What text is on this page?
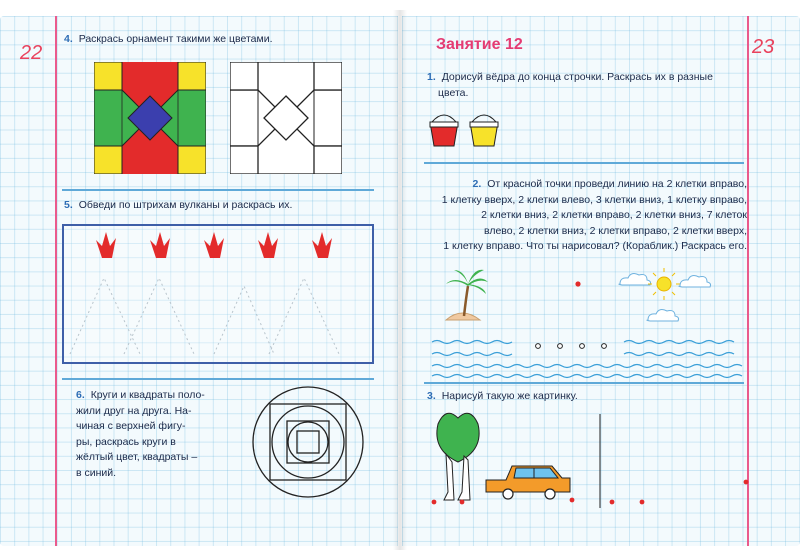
22
4. Раскрась орнамент такими же цветами.
5. Обведи по штрихам вулканы и раскрась их.
6. Круги и квадраты поло-
жили друг на друга. На-
чиная с верхней фигу-
ры, раскрась круги в
жёлтый цвет, квадраты –
в синий.
23
Занятие 12
1. Дорисуй вёдра до конца строчки. Раскрась их в разные
цвета.
2. От красной точки проведи линию на 2 клетки вправо,
1 клетку вверх, 2 клетки влево, 3 клетки вниз, 1 клетку вправо,
2 клетки вниз, 2 клетки вправо, 2 клетки вниз, 7 клеток
влево, 2 клетки вниз, 2 клетки вправо, 2 клетки вверх,
1 клетку вправо. Что ты нарисовал? (Кораблик.) Раскрась его.
3. Нарисуй такую же картинку.
